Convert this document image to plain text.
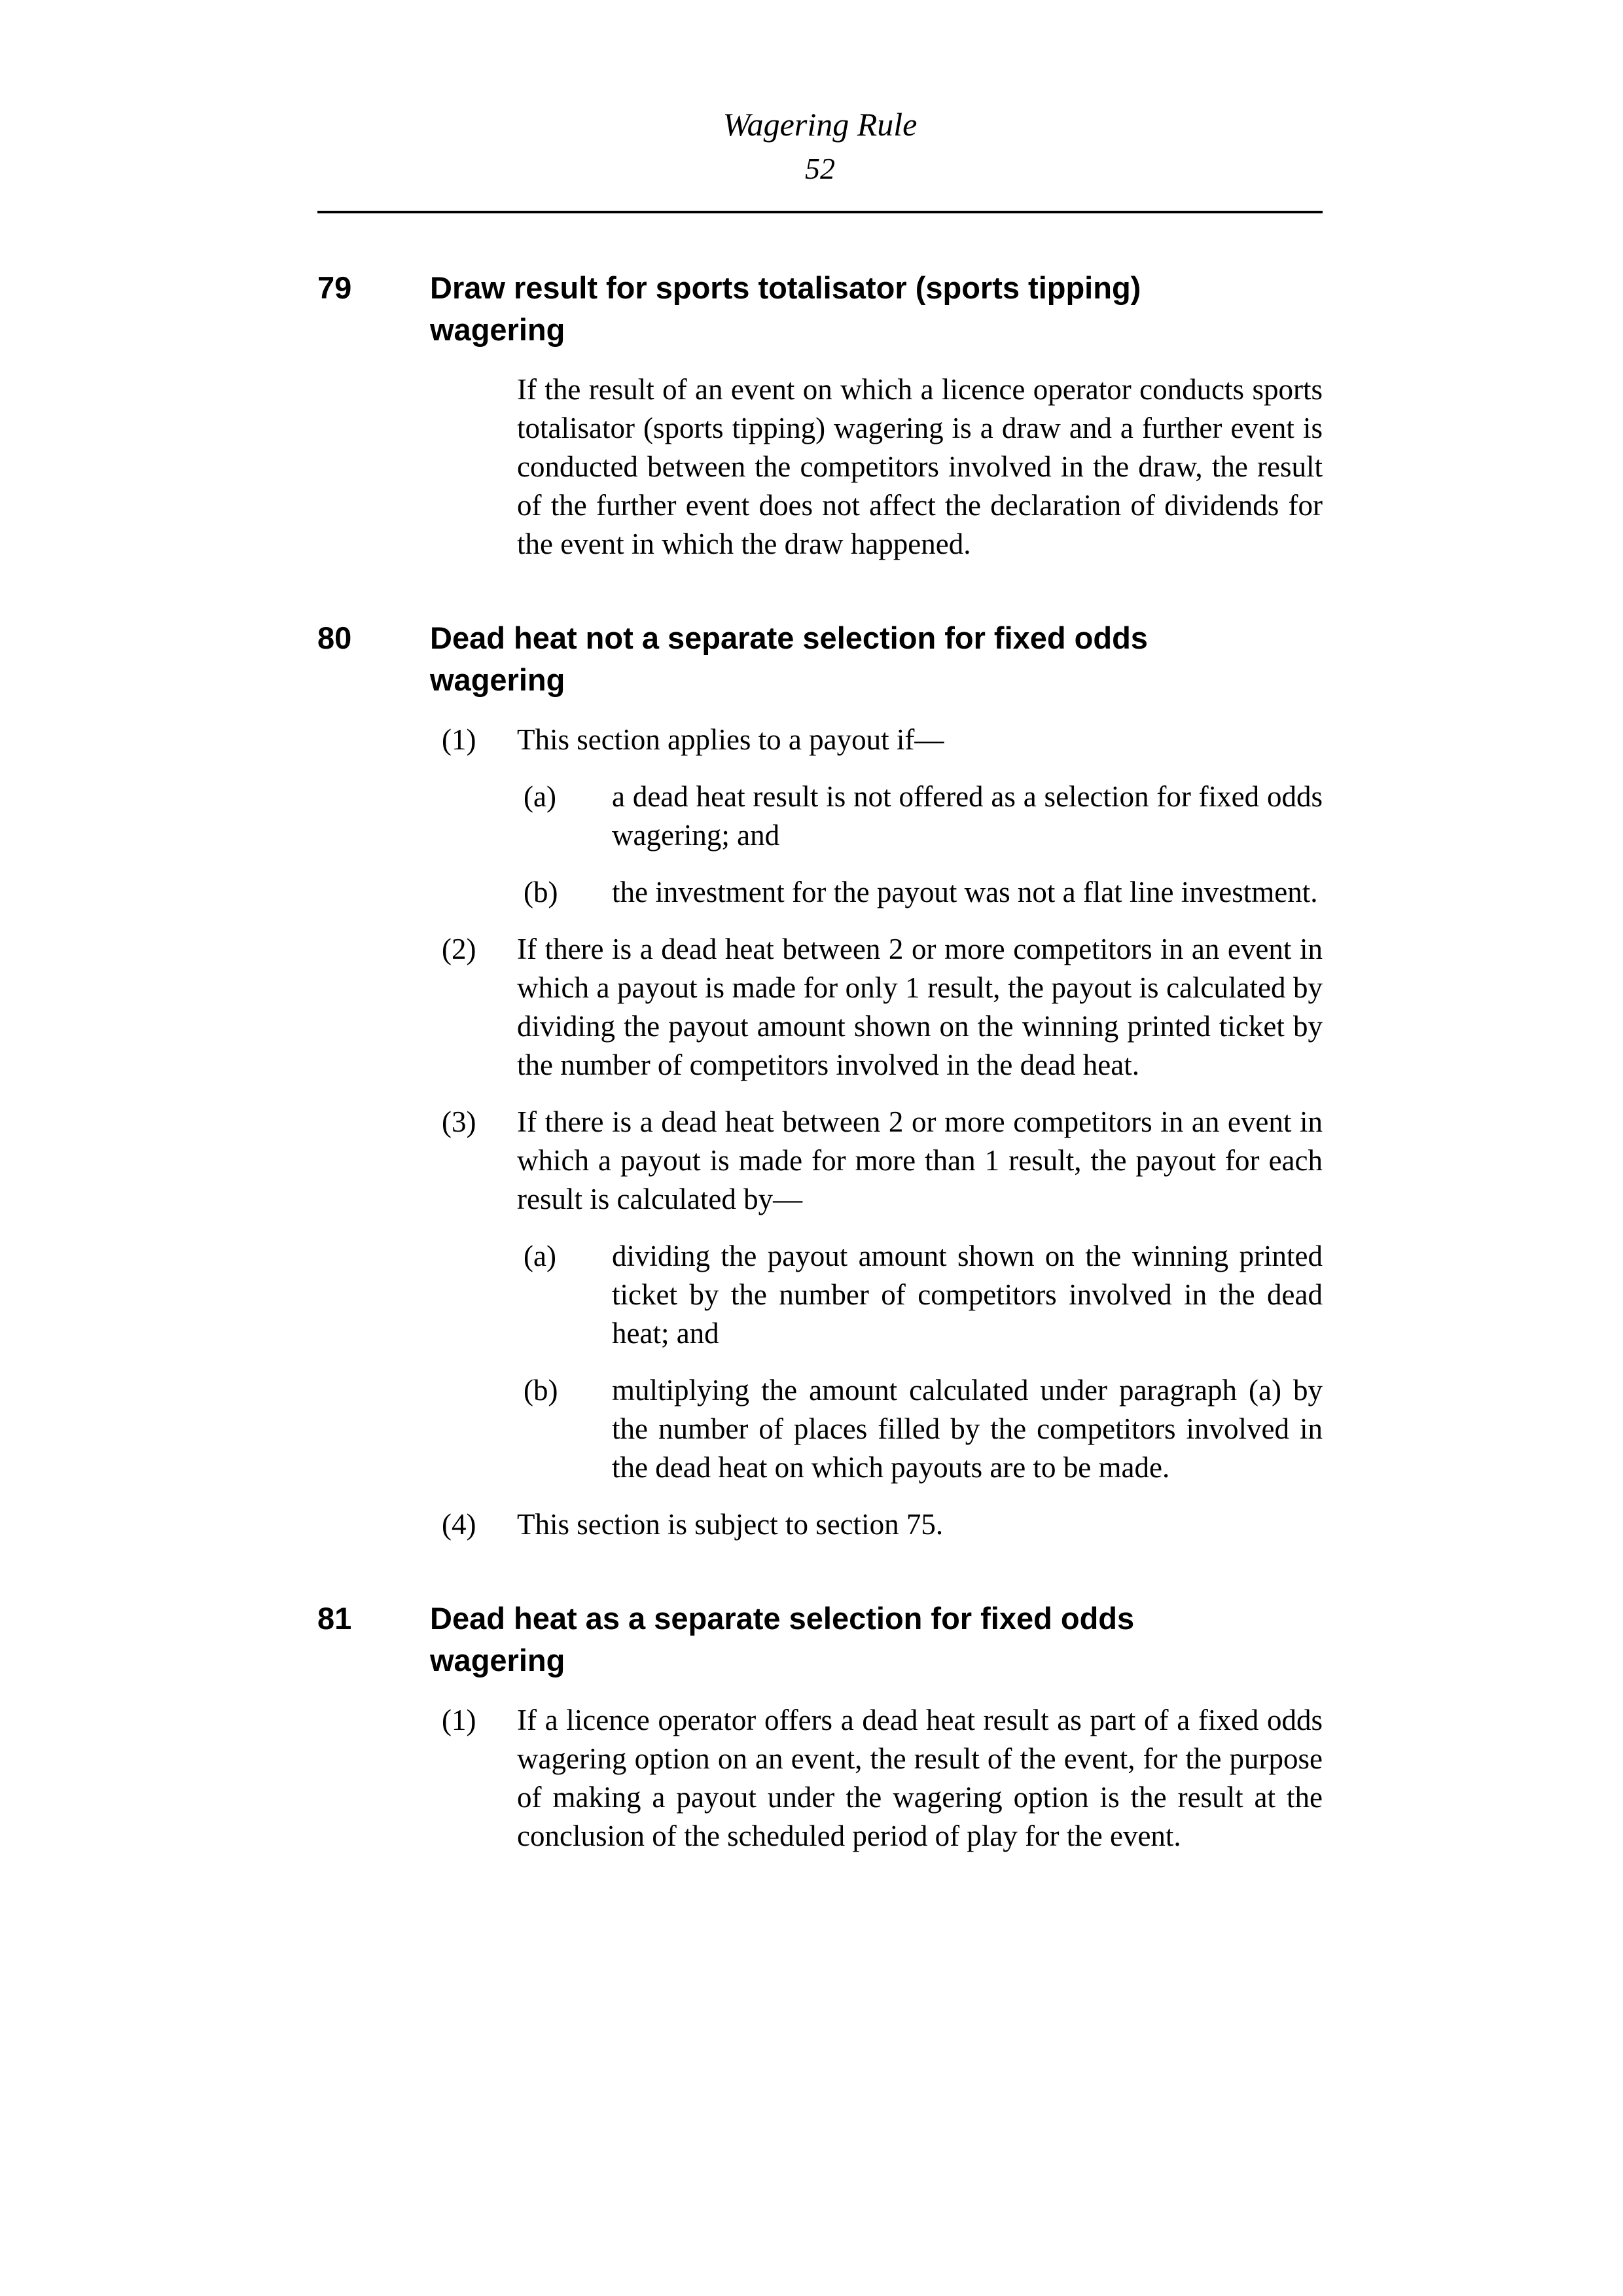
Wagering Rule
52
79	Draw result for sports totalisator (sports tipping)
wagering
If the result of an event on which a licence operator conducts sports totalisator (sports tipping) wagering is a draw and a further event is conducted between the competitors involved in the draw, the result of the further event does not affect the declaration of dividends for the event in which the draw happened.
80	Dead heat not a separate selection for fixed odds
wagering
(1)	This section applies to a payout if—
(a)	a dead heat result is not offered as a selection for fixed odds wagering; and
(b)	the investment for the payout was not a flat line investment.
(2)	If there is a dead heat between 2 or more competitors in an event in which a payout is made for only 1 result, the payout is calculated by dividing the payout amount shown on the winning printed ticket by the number of competitors involved in the dead heat.
(3)	If there is a dead heat between 2 or more competitors in an event in which a payout is made for more than 1 result, the payout for each result is calculated by—
(a)	dividing the payout amount shown on the winning printed ticket by the number of competitors involved in the dead heat; and
(b)	multiplying the amount calculated under paragraph (a) by the number of places filled by the competitors involved in the dead heat on which payouts are to be made.
(4)	This section is subject to section 75.
81	Dead heat as a separate selection for fixed odds
wagering
(1)	If a licence operator offers a dead heat result as part of a fixed odds wagering option on an event, the result of the event, for the purpose of making a payout under the wagering option is the result at the conclusion of the scheduled period of play for the event.
